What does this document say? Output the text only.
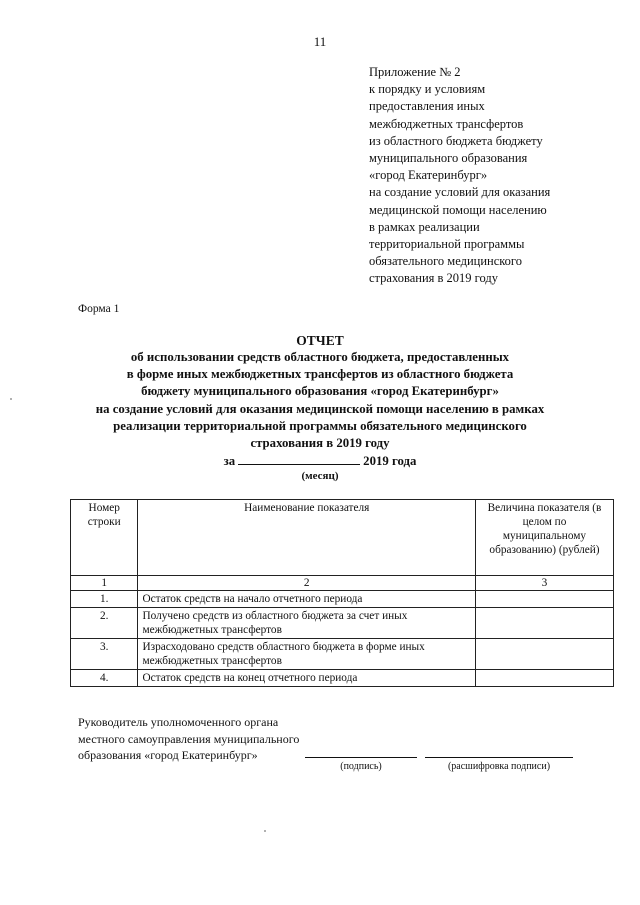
11
Приложение № 2
к порядку и условиям
предоставления иных
межбюджетных трансфертов
из областного бюджета бюджету
муниципального образования
«город Екатеринбург»
на создание условий для оказания
медицинской помощи населению
в рамках реализации
территориальной программы
обязательного медицинского
страхования в 2019 году
Форма 1
ОТЧЕТ
об использовании средств областного бюджета, предоставленных
в форме иных межбюджетных трансфертов из областного бюджета
бюджету муниципального образования «город Екатеринбург»
на создание условий для оказания медицинской помощи населению в рамках
реализации территориальной программы обязательного медицинского
страхования в 2019 году
за	2019 года
(месяц)
Номер строки	Наименование показателя	Величина показателя (в целом по муниципальному образованию) (рублей)
1	2	3
1.	Остаток средств на начало отчетного периода	
2.	Получено средств из областного бюджета за счет иных межбюджетных трансфертов	
3.	Израсходовано средств областного бюджета в форме иных межбюджетных трансфертов	
4.	Остаток средств на конец отчетного периода	
Руководитель уполномоченного органа
местного самоуправления муниципального
образования «город Екатеринбург»
(подпись)	(расшифровка подписи)
